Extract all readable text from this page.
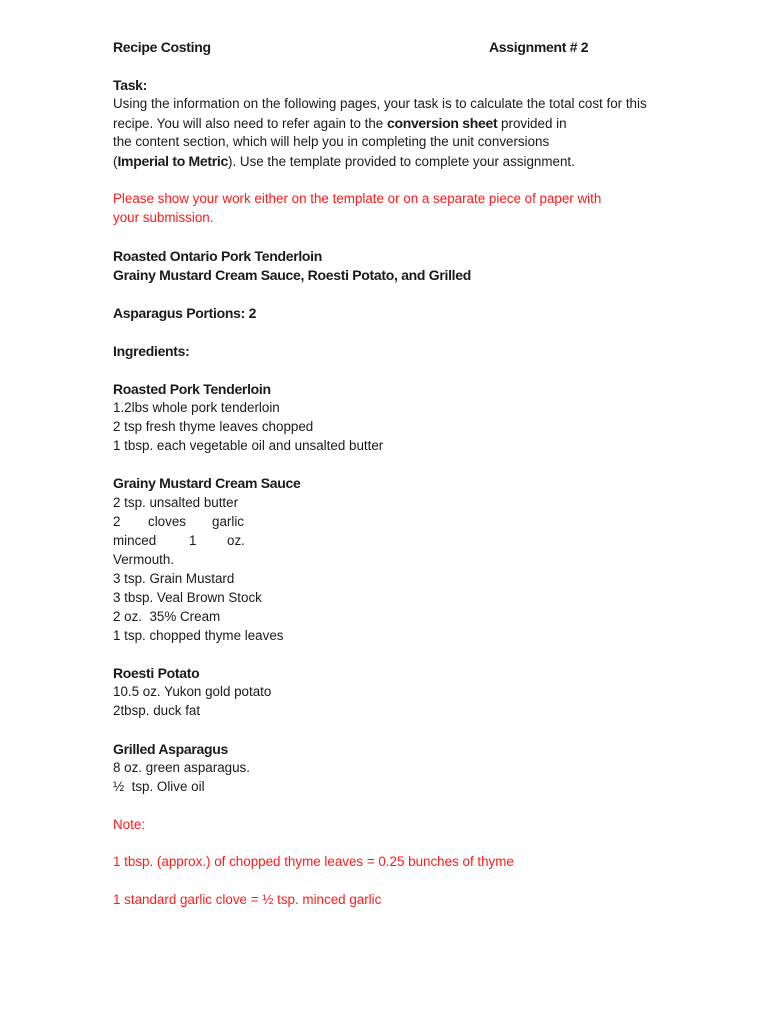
Recipe Costing	Assignment # 2
Task:
Using the information on the following pages, your task is to calculate the total cost for this
recipe. You will also need to refer again to the conversion sheet provided in
the content section, which will help you in completing the unit conversions
(Imperial to Metric). Use the template provided to complete your assignment.
Please show your work either on the template or on a separate piece of paper with
your submission.
Roasted Ontario Pork Tenderloin
Grainy Mustard Cream Sauce, Roesti Potato, and Grilled
Asparagus Portions: 2
Ingredients:
Roasted Pork Tenderloin
1.2lbs whole pork tenderloin
2 tsp fresh thyme leaves chopped
1 tbsp. each vegetable oil and unsalted butter
Grainy Mustard Cream Sauce
2 tsp. unsalted butter
2 cloves garlic
minced 1 oz.
Vermouth.
3 tsp. Grain Mustard
3 tbsp. Veal Brown Stock
2 oz.  35% Cream
1 tsp. chopped thyme leaves
Roesti Potato
10.5 oz. Yukon gold potato
2tbsp. duck fat
Grilled Asparagus
8 oz. green asparagus.
½  tsp. Olive oil
Note:
1 tbsp. (approx.) of chopped thyme leaves = 0.25 bunches of thyme
1 standard garlic clove = ½ tsp. minced garlic
